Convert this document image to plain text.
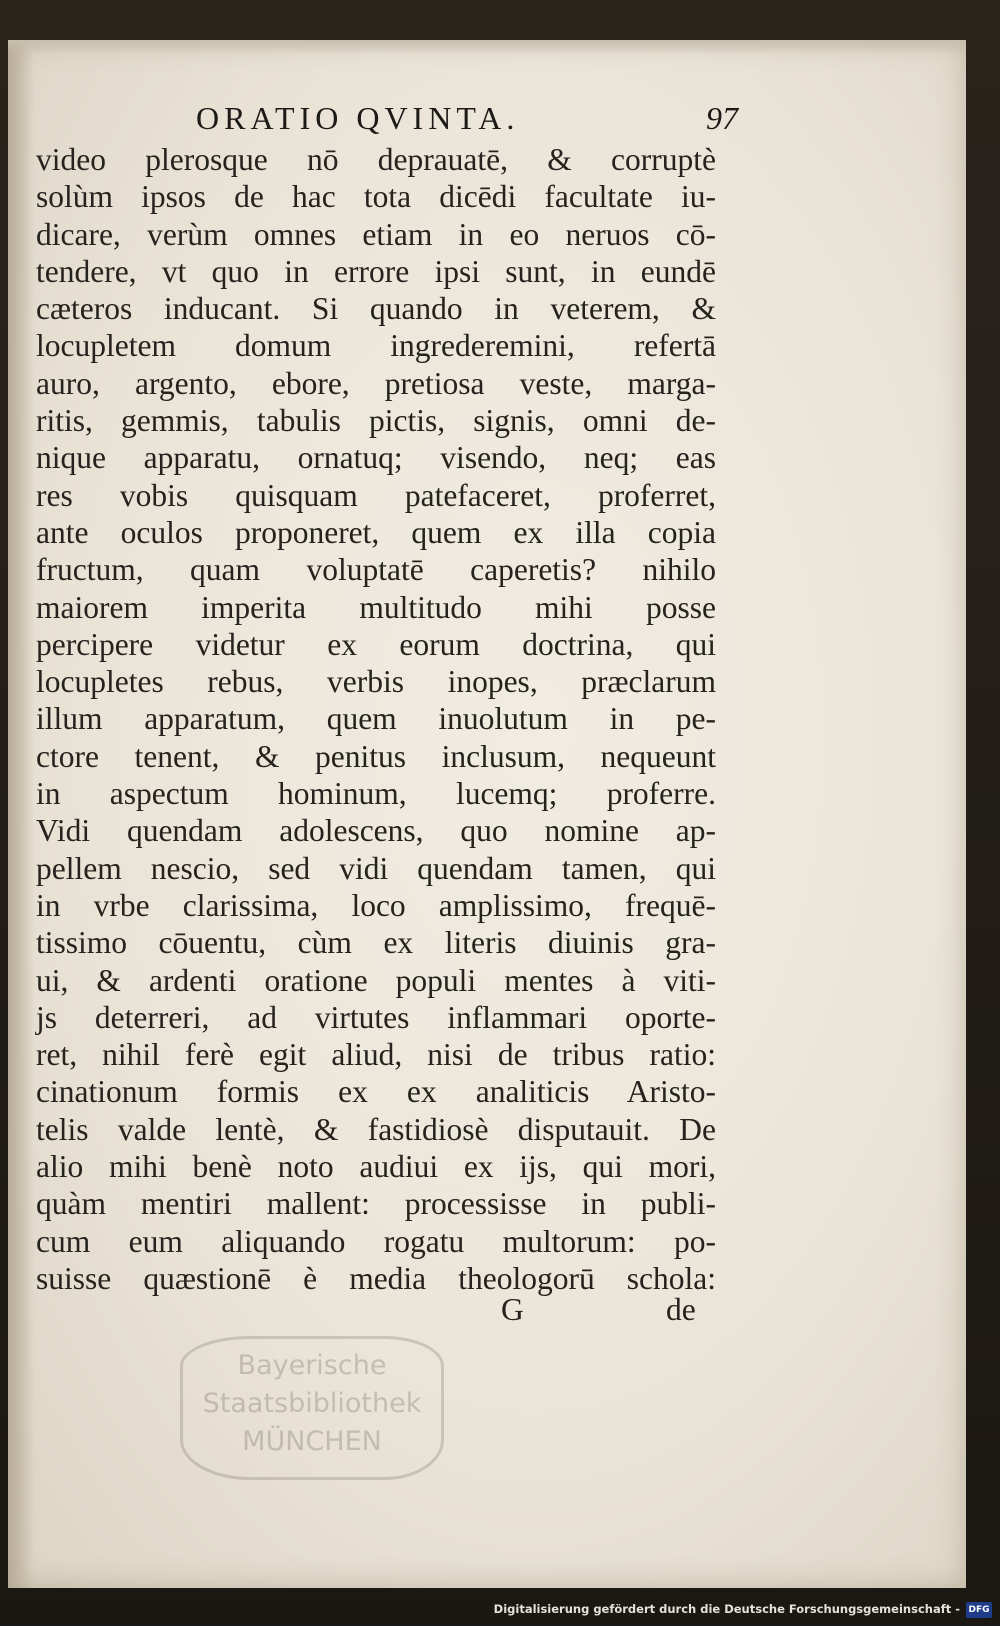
ORATIO QVINTA.	97
video plerosque nō deprauatē, & corruptè
solùm ipsos de hac tota dicēdi facultate iu-
dicare, verùm omnes etiam in eo neruos cō-
tendere, vt quo in errore ipsi sunt, in eundē
cæteros inducant. Si quando in veterem, &
locupletem domum ingrederemini, refertā
auro, argento, ebore, pretiosa veste, marga-
ritis, gemmis, tabulis pictis, signis, omni de-
nique apparatu, ornatuq; visendo, neq; eas
res vobis quisquam patefaceret, proferret,
ante oculos proponeret, quem ex illa copia
fructum, quam voluptatē caperetis? nihilo
maiorem imperita multitudo mihi posse
percipere videtur ex eorum doctrina, qui
locupletes rebus, verbis inopes, præclarum
illum apparatum, quem inuolutum in pe-
ctore tenent, & penitus inclusum, nequeunt
in aspectum hominum, lucemq; proferre.
Vidi quendam adolescens, quo nomine ap-
pellem nescio, sed vidi quendam tamen, qui
in vrbe clarissima, loco amplissimo, frequē-
tissimo cōuentu, cùm ex literis diuinis gra-
ui, & ardenti oratione populi mentes à viti-
js deterreri, ad virtutes inflammari oporte-
ret, nihil ferè egit aliud, nisi de tribus ratio:
cinationum formis ex ex analiticis Aristo-
telis valde lentè, & fastidiosè disputauit. De
alio mihi benè noto audiui ex ijs, qui mori,
quàm mentiri mallent: processisse in publi-
cum eum aliquando rogatu multorum: po-
suisse quæstionē è media theologorū schola:
G	de
Bayerische
Staatsbibliothek
MÜNCHEN
Digitalisierung gefördert durch die Deutsche Forschungsgemeinschaft - DFG
